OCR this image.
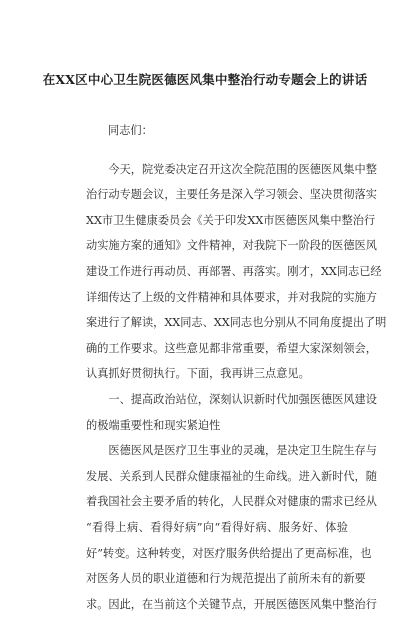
在XX区中心卫生院医德医风集中整治行动专题会上的讲话
同志们：
　　今天，院党委决定召开这次全院范围的医德医风集中整
治行动专题会议，主要任务是深入学习领会、坚决贯彻落实
XX市卫生健康委员会《关于印发XX市医德医风集中整治行
动实施方案的通知》文件精神，对我院下一阶段的医德医风
建设工作进行再动员、再部署、再落实。刚才，XX同志已经
详细传达了上级的文件精神和具体要求，并对我院的实施方
案进行了解读，XX同志、XX同志也分别从不同角度提出了明
确的工作要求。这些意见都非常重要，希望大家深刻领会，
认真抓好贯彻执行。下面，我再讲三点意见。
　　一、提高政治站位，深刻认识新时代加强医德医风建设
的极端重要性和现实紧迫性
　　医德医风是医疗卫生事业的灵魂，是决定卫生院生存与
发展、关系到人民群众健康福祉的生命线。进入新时代，随
着我国社会主要矛盾的转化，人民群众对健康的需求已经从
“看得上病、看得好病”向“看得好病、服务好、体验
好”转变。这种转变，对医疗服务供给提出了更高标准，也
对医务人员的职业道德和行为规范提出了前所未有的新要
求。因此，在当前这个关键节点，开展医德医风集中整治行
